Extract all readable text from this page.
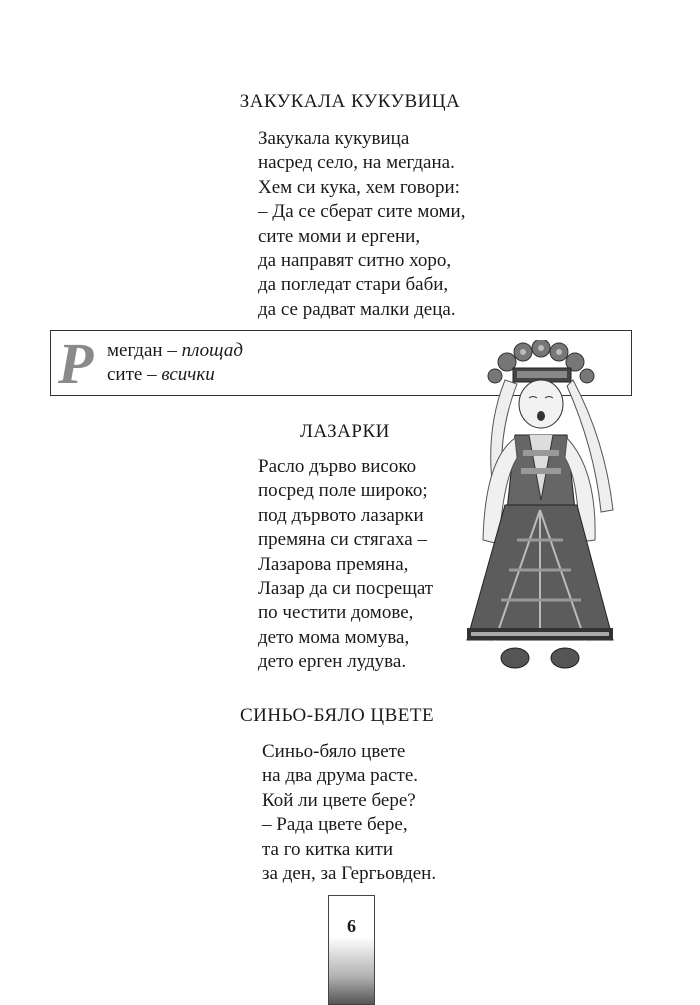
ЗАКУКАЛА КУКУВИЦА
Закукала кукувица
насред село, на мегдана.
Хем си кука, хем говори:
– Да се сберат сите моми,
сите моми и ергени,
да направят ситно хоро,
да погледат стари баби,
да се радват малки деца.
Р мегдан – площад
сите – всички
ЛАЗАРКИ
Расло дърво високо
посред поле широко;
под дървото лазарки
премяна си стягаха –
Лазарова премяна,
Лазар да си посрещат
по честити домове,
дето мома момува,
дето ерген лудува.
СИНЬО-БЯЛО ЦВЕТЕ
Синьо-бяло цвете
на два друма расте.
Кой ли цвете бере?
– Рада цвете бере,
та го китка кити
за ден, за Гергьовден.
6
